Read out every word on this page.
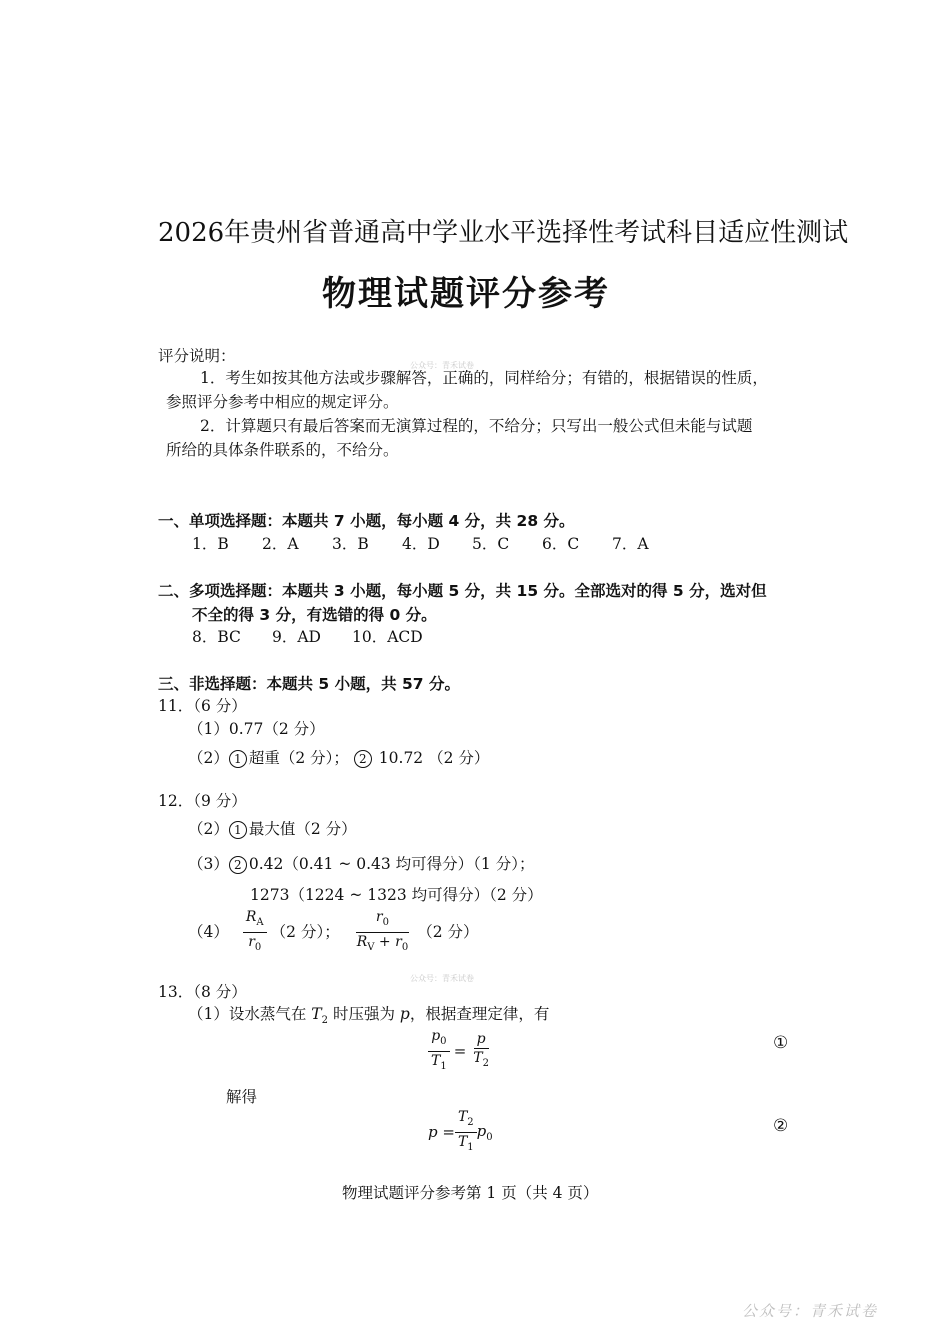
2026年贵州省普通高中学业水平选择性考试科目适应性测试
物理试题评分参考
评分说明：
公众号：青禾试卷
1．考生如按其他方法或步骤解答，正确的，同样给分；有错的，根据错误的性质，
参照评分参考中相应的规定评分。
2．计算题只有最后答案而无演算过程的，不给分；只写出一般公式但未能与试题
所给的具体条件联系的，不给分。
一、单项选择题：本题共 7 小题，每小题 4 分，共 28 分。
1．B	2．A	3．B	4．D	5．C	6．C	7．A
二、多项选择题：本题共 3 小题，每小题 5 分，共 15 分。全部选对的得 5 分，选对但
不全的得 3 分，有选错的得 0 分。
8．BC	9．AD	10．ACD
三、非选择题：本题共 5 小题，共 57 分。
11．（6 分）
（1）0.77（2 分）
（2） 1 超重（2 分）； 2 10.72 （2 分）
12．（9 分）
（2） 1 最大值（2 分）
（3） 2 0.42（0.41 ~ 0.43 均可得分）（1 分）；
1273（1224 ~ 1323 均可得分）（2 分）
$(4) \frac{R_A}{r_0} (2$ 分）； $\frac{r_0}{R_V + r_0} (2$ 分）
公众号：青禾试卷
13．（8 分）
（1）设水蒸气在 $T_2$ 时压强为 p，根据查理定律，有
$\frac{p_0}{T_1} = \frac{p}{T_2}$	①
解得
$p = \frac{T_2}{T_1} p_0$
②
物理试题评分参考第 1 页（共 4 页）
公众号：青禾试卷
